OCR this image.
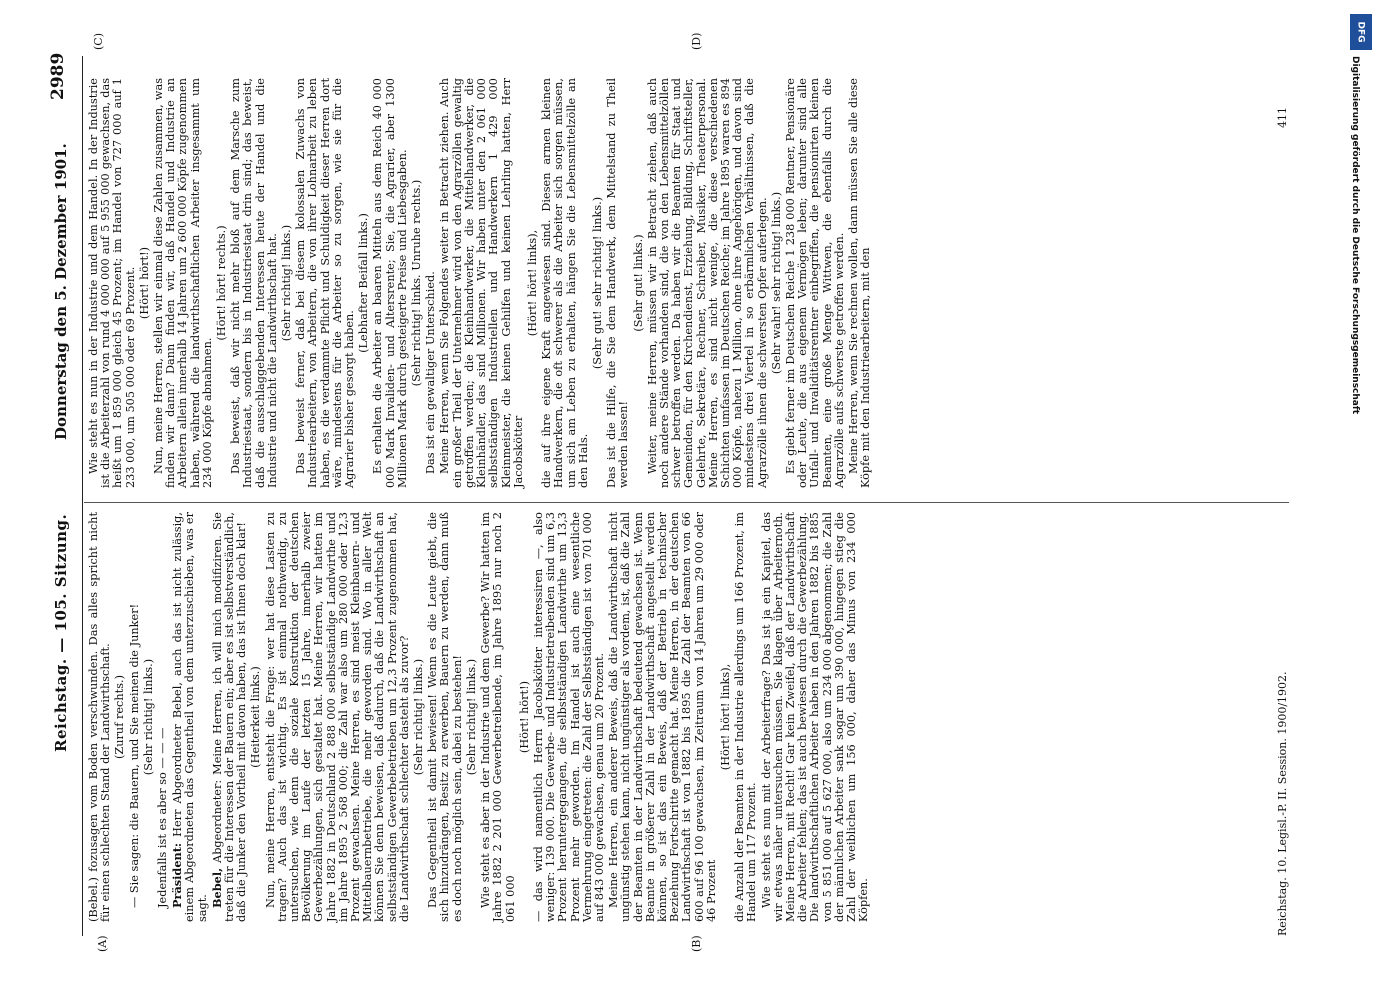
Reichstag. — 105. Sitzung.
Donnerstag den 5. Dezember 1901.
2989
(A)	(B)
(C)	(D)

(Bebel.) fozusagen vom Boden verschwunden. Das alles spricht nicht für einen schlechten Stand der Landwirthschaft. (Zuruf rechts.) — Sie sagen: die Bauern, und Sie meinen die Junker! (Sehr richtig! links.)

Jedenfalls ist es aber so — — — Präsident: Herr Abgeordneter Bebel, auch das ist nicht zulässig, einem Abgeordneten das Gegentheil von dem unterzuschieben, was er sagt.

Bebel, Abgeordneter: Meine Herren, ich will mich modifiziren. Sie treten für die Interessen der Bauern ein; aber es ist selbstverständlich, daß die Junker den Vortheil mit davon haben, das ist Ihnen doch klar! (Heiterkeit links.) Nun, meine Herren, entsteht die Frage: wer hat diese Lasten zu tragen? Auch das ist wichtig. Es ist einmal nothwendig, zu untersuchen, wie denn die soziale Konstruktion der deutschen Bevölkerung im Laufe der letzten 15 Jahre, innerhalb zweier Gewerbezählungen, sich gestaltet hat. Meine Herren, wir hatten im Jahre 1882 in Deutschland 2 888 000 selbstständige Landwirthe und im Jahre 1895 2 568 000; die Zahl war also um 280 000 oder 12,3 Prozent gewachsen. Meine Herren, es sind meist Kleinbauern- und Mittelbauernbetriebe, die mehr geworden sind. Wo in aller Welt können Sie denn beweisen, daß dadurch, daß die Landwirthschaft an selbstständigen Gewerbebetrieben um 12,3 Prozent zugenommen hat, die Landwirthschaft schlechter dasteht als zuvor? (Sehr richtig! links.) Das Gegentheil ist damit bewiesen! Wenn es die Leute giebt, die sich hinzudrängen, Besitz zu erwerben, Bauern zu werden, dann muß es doch noch möglich sein, dabei zu bestehen! (Sehr richtig! links.) Wie steht es aber in der Industrie und dem Gewerbe? Wir hatten im Jahre 1882 2 201 000 Gewerbetreibende, im Jahre 1895 nur noch 2 061 000

(Hört! hört!) — das wird namentlich Herrn Jacobskötter interessiren —, also weniger: 139 000. Die Gewerbe- und Industrietreibenden sind um 6,3 Prozent heruntergegangen, die selbstständigen Landwirthe um 13,3 Prozent mehr geworden. Im Handel ist auch eine wesentliche Vermehrung eingetreten: die Zahl der Selbstständigen ist von 701 000 auf 843 000 gewachsen, genau um 20 Prozent. Meine Herren, ein anderer Beweis, daß die Landwirthschaft nicht ungünstig stehen kann, nicht ungünstiger als vordem, ist, daß die Zahl der Beamten in der Landwirthschaft bedeutend gewachsen ist. Wenn Beamte in größerer Zahl in der Landwirthschaft angestellt werden können, so ist das ein Beweis, daß der Betrieb in technischer Beziehung Fortschritte gemacht hat. Meine Herren, in der deutschen Landwirthschaft ist von 1882 bis 1895 die Zahl der Beamten von 66 600 auf 96 100 gewachsen, im Zeitraum von 14 Jahren um 29 000 oder 46 Prozent

(Hört! hört! links), die Anzahl der Beamten in der Industrie allerdings um 166 Prozent, im Handel um 117 Prozent. Wie steht es nun mit der Arbeiterfrage? Das ist ja ein Kapitel, das wir etwas näher untersuchen müssen. Sie klagen über Arbeiternoth. Meine Herren, mit Recht! Gar kein Zweifel, daß der Landwirthschaft die Arbeiter fehlen; das ist auch bewiesen durch die Gewerbezählung. Die landwirthschaftlichen Arbeiter haben in den Jahren 1882 bis 1885 von 5 851 000 auf 5 627 000, also um 234 000 abgenommen; die Zahl der männlichen Arbeiter sank sogar um 390 000, hingegen stieg die Zahl der weiblichen um 156 000, daher das Minus von 234 000 Köpfen.

Wie steht es nun in der Industrie und dem Handel. In der Industrie ist die Arbeiterzahl von rund 4 000 000 auf 5 955 000 gewachsen, das heißt um 1 859 000 gleich 45 Prozent; im Handel von 727 000 auf 1 233 000, um 505 000 oder 69 Prozent. (Hört! hört!) Nun, meine Herren, stellen wir einmal diese Zahlen zusammen, was finden wir dann? Dann finden wir, daß Handel und Industrie an Arbeitern allein innerhalb 14 Jahren um 2 600 000 Köpfe zugenommen haben, während die landwirthschaftlichen Arbeiter insgesammt um 234 000 Köpfe abnahmen.

(Hört! hört! rechts.) Das beweist, daß wir nicht mehr bloß auf dem Marsche zum Industriestaat, sondern bis in Industriestaat drin sind; das beweist, daß die ausschlaggebenden Interessen heute der Handel und die Industrie und nicht die Landwirthschaft hat. (Sehr richtig! links.) Das beweist ferner, daß bei diesem kolossalen Zuwachs von Industriearbeitern, von Arbeitern, die von ihrer Lohnarbeit zu leben haben, es die verdammte Pflicht und Schuldigkeit dieser Herren dort wäre, mindestens für die Arbeiter so zu sorgen, wie sie für die Agrarier bisher gesorgt haben.

(Lebhafter Beifall links.) Es erhalten die Arbeiter an baaren Mitteln aus dem Reich 40 000 000 Mark Invaliden- und Altersrente; Sie, die Agrarier, aber 1300 Millionen Mark durch gesteigerte Preise und Liebesgaben. (Sehr richtig! links. Unruhe rechts.) Das ist ein gewaltiger Unterschied. Meine Herren, wenn Sie Folgendes weiter in Betracht ziehen. Auch ein großer Theil der Unternehmer wird von den Agrarzöllen gewaltig getroffen werden; die Kleinhandwerker, die Mittelhandwerker, die Kleinhändler, das sind Millionen. Wir haben unter den 2 061 000 selbstständigen Industriellen und Handwerkern 1 429 000 Kleinmeister, die keinen Gehilfen und keinen Lehrling hatten, Herr Jacobskötter

(Hört! hört! links), die auf ihre eigene Kraft angewiesen sind. Diesen armen kleinen Handwerkern, die oft schwerer als die Arbeiter sich sorgen müssen, um sich am Leben zu erhalten, hängen Sie die Lebensmittelzölle an den Hals.

(Sehr gut! sehr richtig! links.) Das ist die Hilfe, die Sie dem Handwerk, dem Mittelstand zu Theil werden lassen!

(Sehr gut! links.) Weiter, meine Herren, müssen wir in Betracht ziehen, daß auch noch andere Stände vorhanden sind, die von den Lebensmittelzöllen schwer betroffen werden. Da haben wir die Beamten für Staat und Gemeinden, für den Kirchendienst, Erziehung, Bildung, Schriftsteller, Gelehrte, Sekretäre, Rechner, Schreiber, Musiker, Theaterpersonal. Meine Herren, es sind nicht wenige, die diese verschiedenen Schichten umfassen im Deutschen Reiche; im Jahre 1895 waren es 894 000 Köpfe, nahezu 1 Million, ohne ihre Angehörigen, und davon sind mindestens drei Viertel in so erbärmlichen Verhältnissen, daß die Agrarzölle ihnen die schwersten Opfer auferlegen. (Sehr wahr! sehr richtig! links.) Es giebt ferner im Deutschen Reiche 1 238 000 Rentner, Pensionäre oder Leute, die aus eigenem Vermögen leben; darunter sind alle Unfall- und Invaliditätsrentner einbegriffen, die pensionirten kleinen Beamten, eine große Menge Wittwen, die ebenfalls durch die Agrarzölle aufs schwerste getroffen werden. Meine Herren, wenn Sie rechnen wollen, dann müssen Sie alle diese Köpfe mit den Industriearbeitern, mit den

Reichstag. 10. Legisl.-P. II. Session. 1900/1902.
411
DFG
Digitalisierung gefördert durch die Deutsche Forschungsgemeinschaft
